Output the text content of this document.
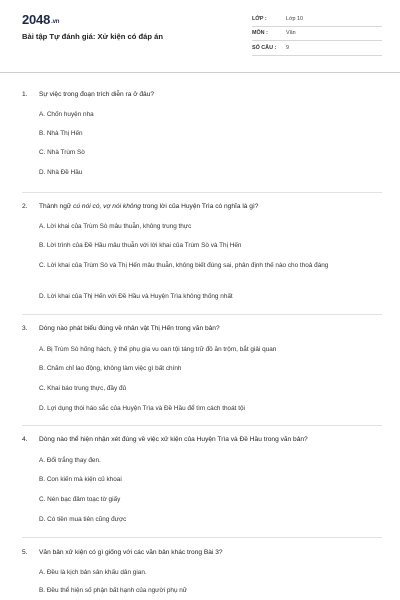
2048.vn
Bài tập Tự đánh giá: Xử kiện có đáp án
LỚP :	Lớp 10
MÔN :	Văn
SỐ CÂU :	9
1.	Sự việc trong đoạn trích diễn ra ở đâu?
A. Chốn huyện nha
B. Nhà Thị Hến
C. Nhà Trùm Sò
D. Nhà Đề Hầu
2.	Thành ngữ cú nói có, vợ nói không trong lời của Huyện Trìa có nghĩa là gì?
A. Lời khai của Trùm Sò mâu thuẫn, không trung thực
B. Lời trình của Đề Hầu mâu thuẫn với lời khai của Trùm Sò và Thị Hến
C. Lời khai của Trùm Sò và Thị Hến mâu thuẫn, không biết đúng sai, phân định thế nào cho thoả đáng
D. Lời khai của Thị Hến với Đề Hầu và Huyện Trìa không thống nhất
3.	Dòng nào phát biểu đúng về nhân vật Thị Hến trong văn bản?
A. Bị Trùm Sò hống hách, ỷ thế phụ gia vu oan tội táng trữ đồ ăn trộm, bắt giải quan
B. Chăm chỉ lao động, không làm việc gì bất chính
C. Khai báo trung thực, đầy đủ
D. Lợi dụng thói háo sắc của Huyện Trìa và Đề Hầu để tìm cách thoát tội
4.	Dòng nào thể hiện nhận xét đúng về việc xử kiện của Huyện Trìa và Đề Hầu trong văn bản?
A. Đổi trắng thay đen.
B. Con kiến mà kiện củ khoai
C. Nén bạc đâm toạc tờ giấy
D. Có tiền mua tiên cũng được
5.	Văn bản xử kiện có gì giống với các văn bản khác trong Bài 3?
A. Đều là kịch bản sân khấu dân gian.
B. Đều thể hiện số phận bất hạnh của người phụ nữ
